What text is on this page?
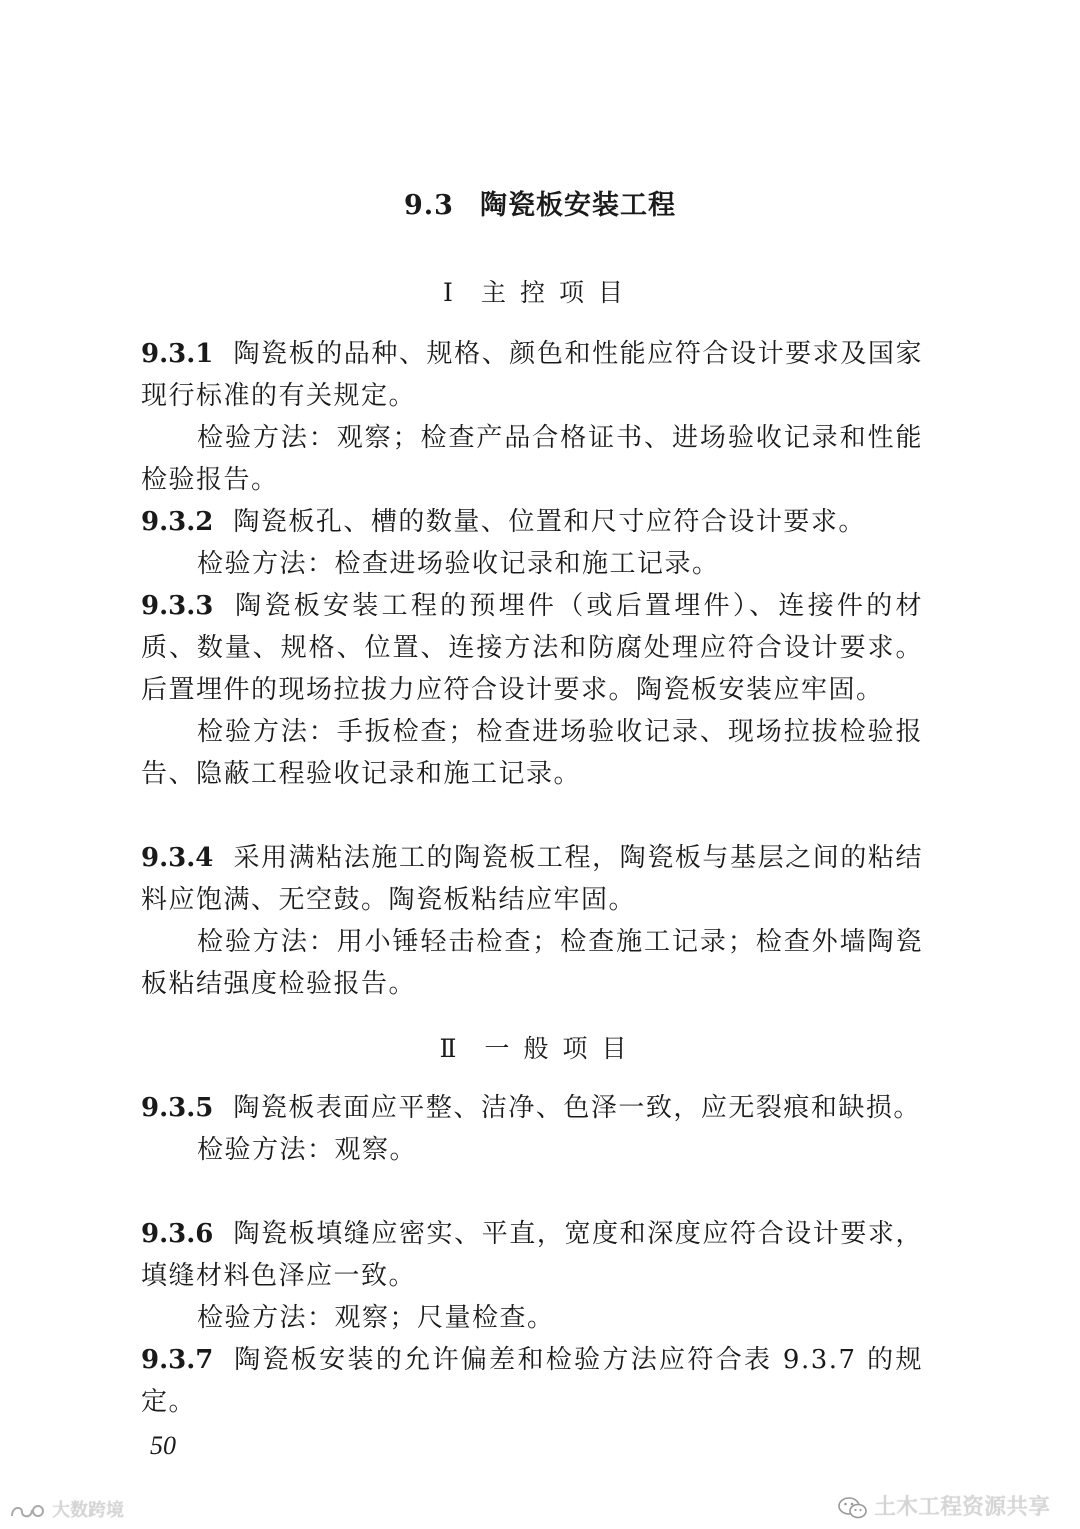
9.3 陶瓷板安装工程
Ⅰ 主控项目
9.3.1 陶瓷板的品种、规格、颜色和性能应符合设计要求及国家现行标准的有关规定。
检验方法：观察；检查产品合格证书、进场验收记录和性能检验报告。
9.3.2 陶瓷板孔、槽的数量、位置和尺寸应符合设计要求。
检验方法：检查进场验收记录和施工记录。
9.3.3 陶瓷板安装工程的预埋件（或后置埋件）、连接件的材质、数量、规格、位置、连接方法和防腐处理应符合设计要求。后置埋件的现场拉拔力应符合设计要求。陶瓷板安装应牢固。
检验方法：手扳检查；检查进场验收记录、现场拉拔检验报告、隐蔽工程验收记录和施工记录。
9.3.4 采用满粘法施工的陶瓷板工程，陶瓷板与基层之间的粘结料应饱满、无空鼓。陶瓷板粘结应牢固。
检验方法：用小锤轻击检查；检查施工记录；检查外墙陶瓷板粘结强度检验报告。
Ⅱ 一般项目
9.3.5 陶瓷板表面应平整、洁净、色泽一致，应无裂痕和缺损。
检验方法：观察。
9.3.6 陶瓷板填缝应密实、平直，宽度和深度应符合设计要求，填缝材料色泽应一致。
检验方法：观察；尺量检查。
9.3.7 陶瓷板安装的允许偏差和检验方法应符合表 9.3.7 的规定。
50
土木工程资源共享
大数跨境
